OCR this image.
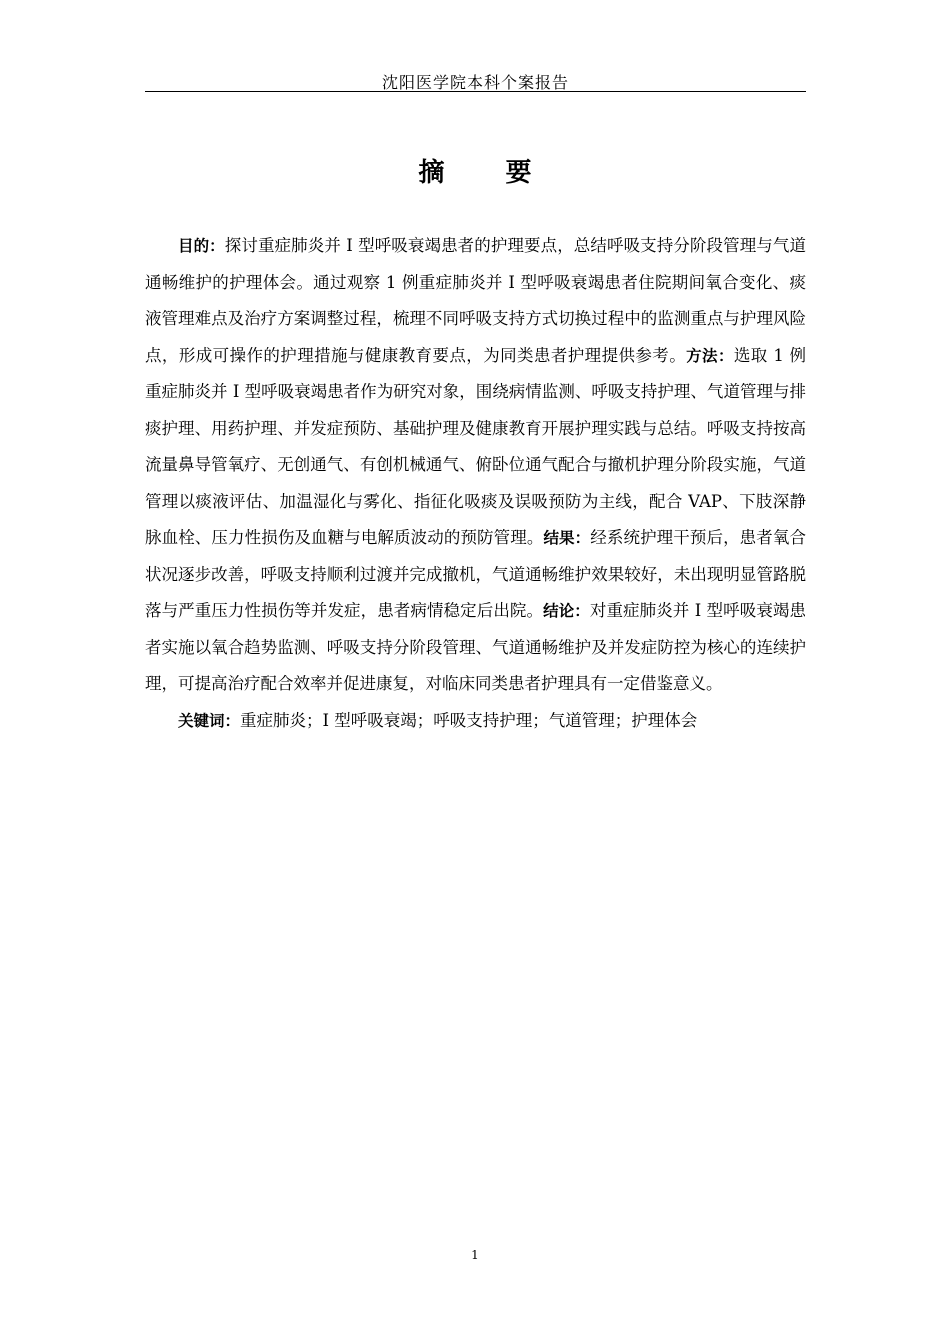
沈阳医学院本科个案报告
摘 要

目的：探讨重症肺炎并 I 型呼吸衰竭患者的护理要点，总结呼吸支持分阶段管理与气道通畅维护的护理体会。通过观察 1 例重症肺炎并 I 型呼吸衰竭患者住院期间氧合变化、痰液管理难点及治疗方案调整过程，梳理不同呼吸支持方式切换过程中的监测重点与护理风险点，形成可操作的护理措施与健康教育要点，为同类患者护理提供参考。方法：选取 1 例重症肺炎并 I 型呼吸衰竭患者作为研究对象，围绕病情监测、呼吸支持护理、气道管理与排痰护理、用药护理、并发症预防、基础护理及健康教育开展护理实践与总结。呼吸支持按高流量鼻导管氧疗、无创通气、有创机械通气、俯卧位通气配合与撤机护理分阶段实施，气道管理以痰液评估、加温湿化与雾化、指征化吸痰及误吸预防为主线，配合 VAP、下肢深静脉血栓、压力性损伤及血糖与电解质波动的预防管理。结果：经系统护理干预后，患者氧合状况逐步改善，呼吸支持顺利过渡并完成撤机，气道通畅维护效果较好，未出现明显管路脱落与严重压力性损伤等并发症，患者病情稳定后出院。结论：对重症肺炎并 I 型呼吸衰竭患者实施以氧合趋势监测、呼吸支持分阶段管理、气道通畅维护及并发症防控为核心的连续护理，可提高治疗配合效率并促进康复，对临床同类患者护理具有一定借鉴意义。

关键词：重症肺炎；I 型呼吸衰竭；呼吸支持护理；气道管理；护理体会

1
